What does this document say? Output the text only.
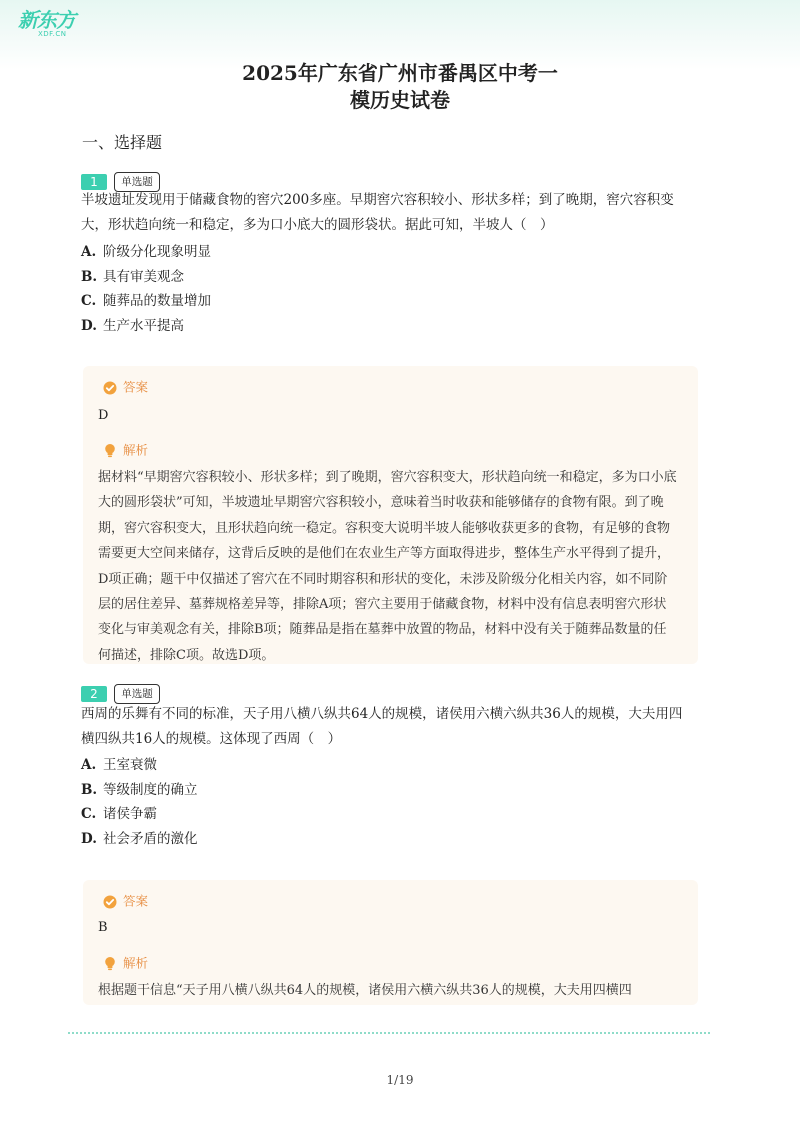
新东方
XDF.CN
2025年广东省广州市番禺区中考一
模历史试卷
一、选择题
1	单选题
半坡遗址发现用于储藏食物的窖穴200多座。早期窖穴容积较小、形状多样；到了晚期，窖穴容积变大，形状趋向统一和稳定，多为口小底大的圆形袋状。据此可知，半坡人（　）
A. 阶级分化现象明显
B. 具有审美观念
C. 随葬品的数量增加
D. 生产水平提高
答案
D
解析
据材料“早期窖穴容积较小、形状多样；到了晚期，窖穴容积变大，形状趋向统一和稳定，多为口小底大的圆形袋状”可知，半坡遗址早期窖穴容积较小，意味着当时收获和能够储存的食物有限。到了晚期，窖穴容积变大，且形状趋向统一稳定。容积变大说明半坡人能够收获更多的食物，有足够的食物需要更大空间来储存，这背后反映的是他们在农业生产等方面取得进步，整体生产水平得到了提升，D项正确；题干中仅描述了窖穴在不同时期容积和形状的变化，未涉及阶级分化相关内容，如不同阶层的居住差异、墓葬规格差异等，排除A项；窖穴主要用于储藏食物，材料中没有信息表明窖穴形状变化与审美观念有关，排除B项；随葬品是指在墓葬中放置的物品，材料中没有关于随葬品数量的任何描述，排除C项。故选D项。
2	单选题
西周的乐舞有不同的标准，天子用八横八纵共64人的规模，诸侯用六横六纵共36人的规模，大夫用四横四纵共16人的规模。这体现了西周（　）
A. 王室衰微
B. 等级制度的确立
C. 诸侯争霸
D. 社会矛盾的激化
答案
B
解析
根据题干信息“天子用八横八纵共64人的规模，诸侯用六横六纵共36人的规模，大夫用四横四
1/19
